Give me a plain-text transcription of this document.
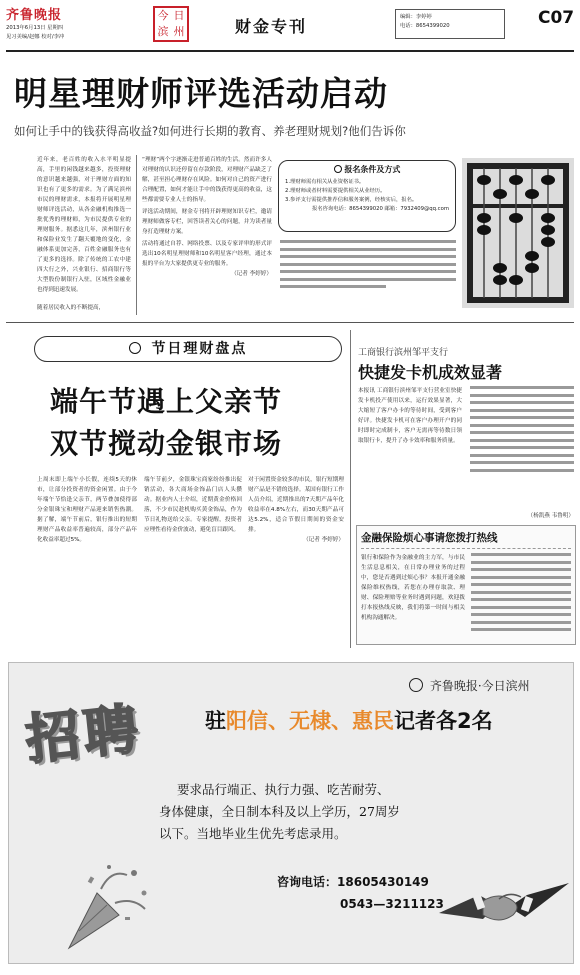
齐鲁晚报
2013年6月13日 星期四
见习美编/赵娜 校对/李冲
今 日
滨 州	财金专刊	编辑：李婷婷
电话：8654399020	C07
明星理财师评选活动启动
如何让手中的钱获得高收益?如何进行长期的教育、养老理财规划?他们告诉你
近年来，老百姓的收入水平明显提高，手里的闲钱越来越多，投资理财的意识越来越强，对于理财方面的知识也有了更多的需求。为了满足滨州市民的理财需求，本报将开展明星理财师评选活动，从各金融机构推选一批优秀的理财师，为市民提供专业的理财服务。据悉这几年，滨州银行业和保险业发生了翻天覆地的变化，金融体系更加完善，百姓金融服务也有了更多的选择。除了传统的工农中建四大行之外，兴业银行、招商银行等大型股份制银行入驻，区域性金融业也得到迅速发展。
随着居民收入的不断提高，
“理财”两个字逐渐走进普通百姓的生活。然而许多人对理财的认识还停留在存款阶段，对理财产品缺乏了解，甚至担心理财存在风险。如何对自己的资产进行合理配置，如何才能让手中的钱获得更高的收益，这些都需要专业人士的指导。
评选活动期间，财金专刊将开辟理财知识专栏，邀请理财师做客专栏，回答读者关心的问题，并为读者量身打造理财方案。
活动将通过自荐、网络投票、以及专家评审的形式评选出10名明星理财师和10名明星客户经理，通过本报的平台为大家提供更专业的服务。
（记者 李婷婷）
报名条件及方式
1.理财师需有相关从业资格证书。
2.理财师或者材料需要提供相关从业经历。
3.参评支行需提供推荐信和服务案例，经核实后，报名。
报名咨询电话：8654399020 邮箱：7932409@qq.com
节日理财盘点
端午节遇上父亲节
双节搅动金银市场
上周末即上端午小长假，连续5天的休市，让部分投资者的资金闲置。由于今年端午节恰逢父亲节，两节叠加使得部分金银珠宝和理财产品迎来销售热潮。据了解，端午节前后，银行推出的短期理财产品收益率普遍较高，部分产品年化收益率超过5%。
端午节前夕，金银珠宝商家纷纷推出促销活动，各大商场金饰品门店人头攒动。据业内人士介绍，近期黄金价格回落，不少市民趁机购买黄金饰品，作为节日礼物送给父亲。专家提醒，投资者应理性看待金价波动，避免盲目跟风。
对于闲置资金较多的市民，银行短期理财产品是不错的选择。某国有银行工作人员介绍，近期推出的7天期产品年化收益率在4.8%左右，而30天期产品可达5.2%，适合节假日期间的资金安排。
（记者 李婷婷）
工商银行滨州邹平支行
快捷发卡机成效显著
本报讯 工商银行滨州邹平支行营业室快捷发卡机投产使用以来，运行效果显著，大大缩短了客户办卡的等待时间，受到客户好评。快捷发卡机可在客户办理开户的同时即时完成制卡，客户无需再等待数日领取银行卡，提升了办卡效率和服务质量。
（杨凯燕 韦鲁明）
金融保险烦心事请您拨打热线
银行和保险作为金融业的主力军，与市民生活息息相关，在日常办理业务的过程中，您是否遇到过烦心事？本报开通金融保险维权热线，若您在办理存取款、理财、保险理赔等业务时遇到问题，欢迎拨打本报热线反映，我们将第一时间与相关机构沟通解决。
齐鲁晚报·今日滨州
招聘	驻阳信、无棣、惠民记者各2名
要求品行端正、执行力强、吃苦耐劳、
身体健康，全日制本科及以上学历，27周岁
以下。当地毕业生优先考虑录用。
咨询电话：18605430149
0543—3211123
